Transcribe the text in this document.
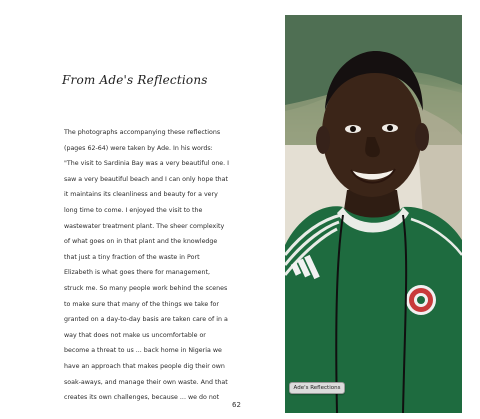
From Ade's Reflections
The photographs accompanying these reflections
(pages 62-64) were taken by Ade. In his words:
"The visit to Sardinia Bay was a very beautiful one. I
saw a very beautiful beach and I can only hope that
it maintains its cleanliness and beauty for a very
long time to come. I enjoyed the visit to the
wastewater treatment plant. The sheer complexity
of what goes on in that plant and the knowledge
that just a tiny fraction of the waste in Port
Elizabeth is what goes there for management,
struck me. So many people work behind the scenes
to make sure that many of the things we take for
granted on a day-to-day basis are taken care of in a
way that does not make us uncomfortable or
become a threat to us ... back home in Nigeria we
have an approach that makes people dig their own
soak-aways, and manage their own waste. And that
creates its own challenges, because ... we do not
62
Ade's Reflections
